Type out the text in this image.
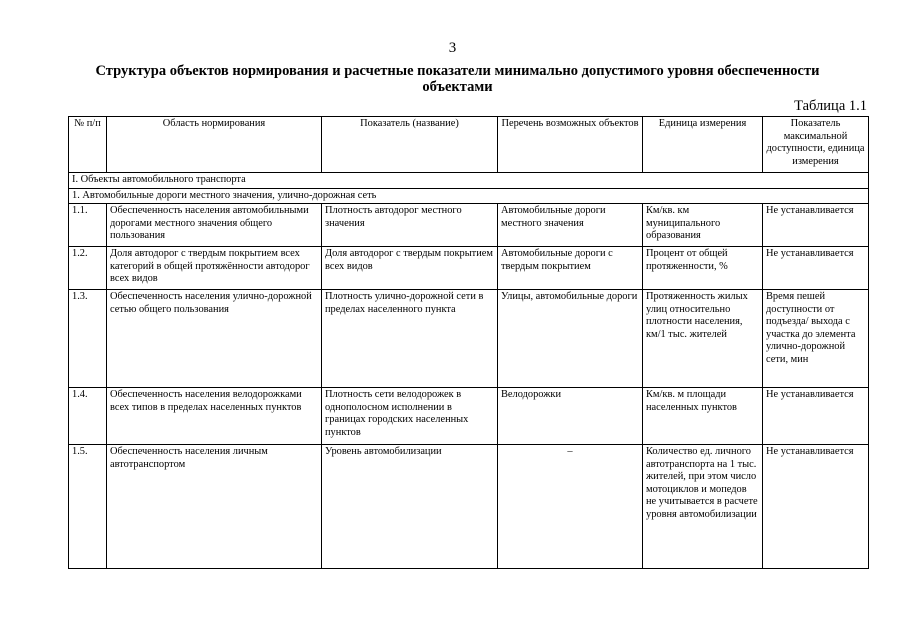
3
Структура объектов нормирования и расчетные показатели минимально допустимого уровня обеспеченности объектами
Таблица 1.1
№ п/п	Область нормирования	Показатель (название)	Перечень возможных объектов	Единица измерения	Показатель максимальной доступности, единица измерения
I. Объекты автомобильного транспорта					
1. Автомобильные дороги местного значения, улично-дорожная сеть					
1.1.	Обеспеченность населения автомобильными дорогами местного значения общего пользования	Плотность автодорог местного значения	Автомобильные дороги местного значения	Км/кв. км муниципального образования	Не устанавливается
1.2.	Доля автодорог с твердым покрытием всех категорий в общей протяжённости автодорог всех видов	Доля автодорог с твердым покрытием всех видов	Автомобильные дороги с твердым покрытием	Процент от общей протяженности, %	Не устанавливается
1.3.	Обеспеченность населения улично-дорожной сетью общего пользования	Плотность улично-дорожной сети в пределах населенного пункта	Улицы, автомобильные дороги	Протяженность жилых улиц относительно плотности населения, км/1 тыс. жителей	Время пешей доступности от подъезда/ выхода с участка до элемента улично-дорожной сети, мин
1.4.	Обеспеченность населения велодорожками всех типов в пределах населенных пунктов	Плотность сети велодорожек в однополосном исполнении в границах городских населенных пунктов	Велодорожки	Км/кв. м площади населенных пунктов	Не устанавливается
1.5.	Обеспеченность населения личным автотранспортом	Уровень автомобилизации	–	Количество ед. личного автотранспорта на 1 тыс. жителей, при этом число мотоциклов и мопедов не учитывается в расчете уровня автомобилизации	Не устанавливается
